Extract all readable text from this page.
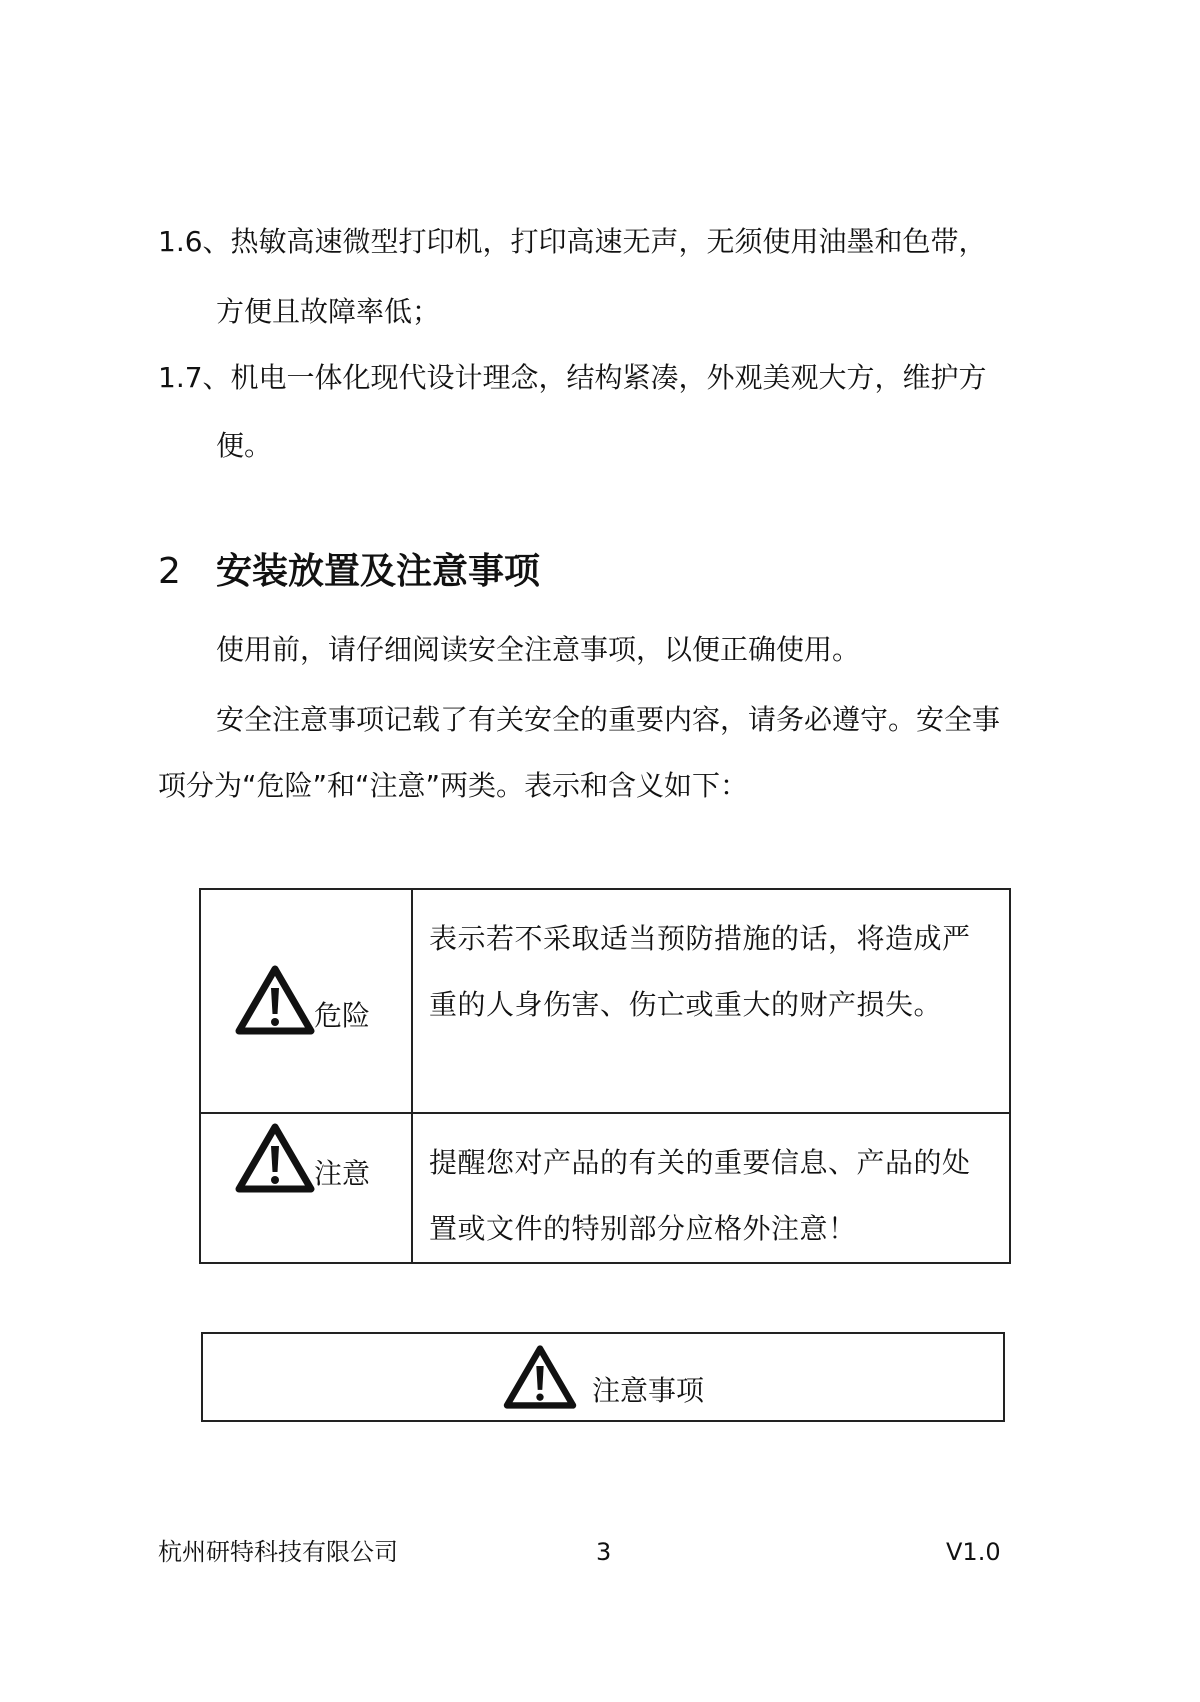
1.6、热敏高速微型打印机，打印高速无声，无须使用油墨和色带，
方便且故障率低；
1.7、机电一体化现代设计理念，结构紧凑，外观美观大方，维护方
便。
2 安装放置及注意事项
使用前，请仔细阅读安全注意事项，以便正确使用。
安全注意事项记载了有关安全的重要内容，请务必遵守。安全事
项分为“危险”和“注意”两类。表示和含义如下：
危险	表示若不采取适当预防措施的话，将造成严重的人身伤害、伤亡或重大的财产损失。

注意	提醒您对产品的有关的重要信息、产品的处置或文件的特别部分应格外注意！
注意事项
杭州研特科技有限公司	3	V1.0
